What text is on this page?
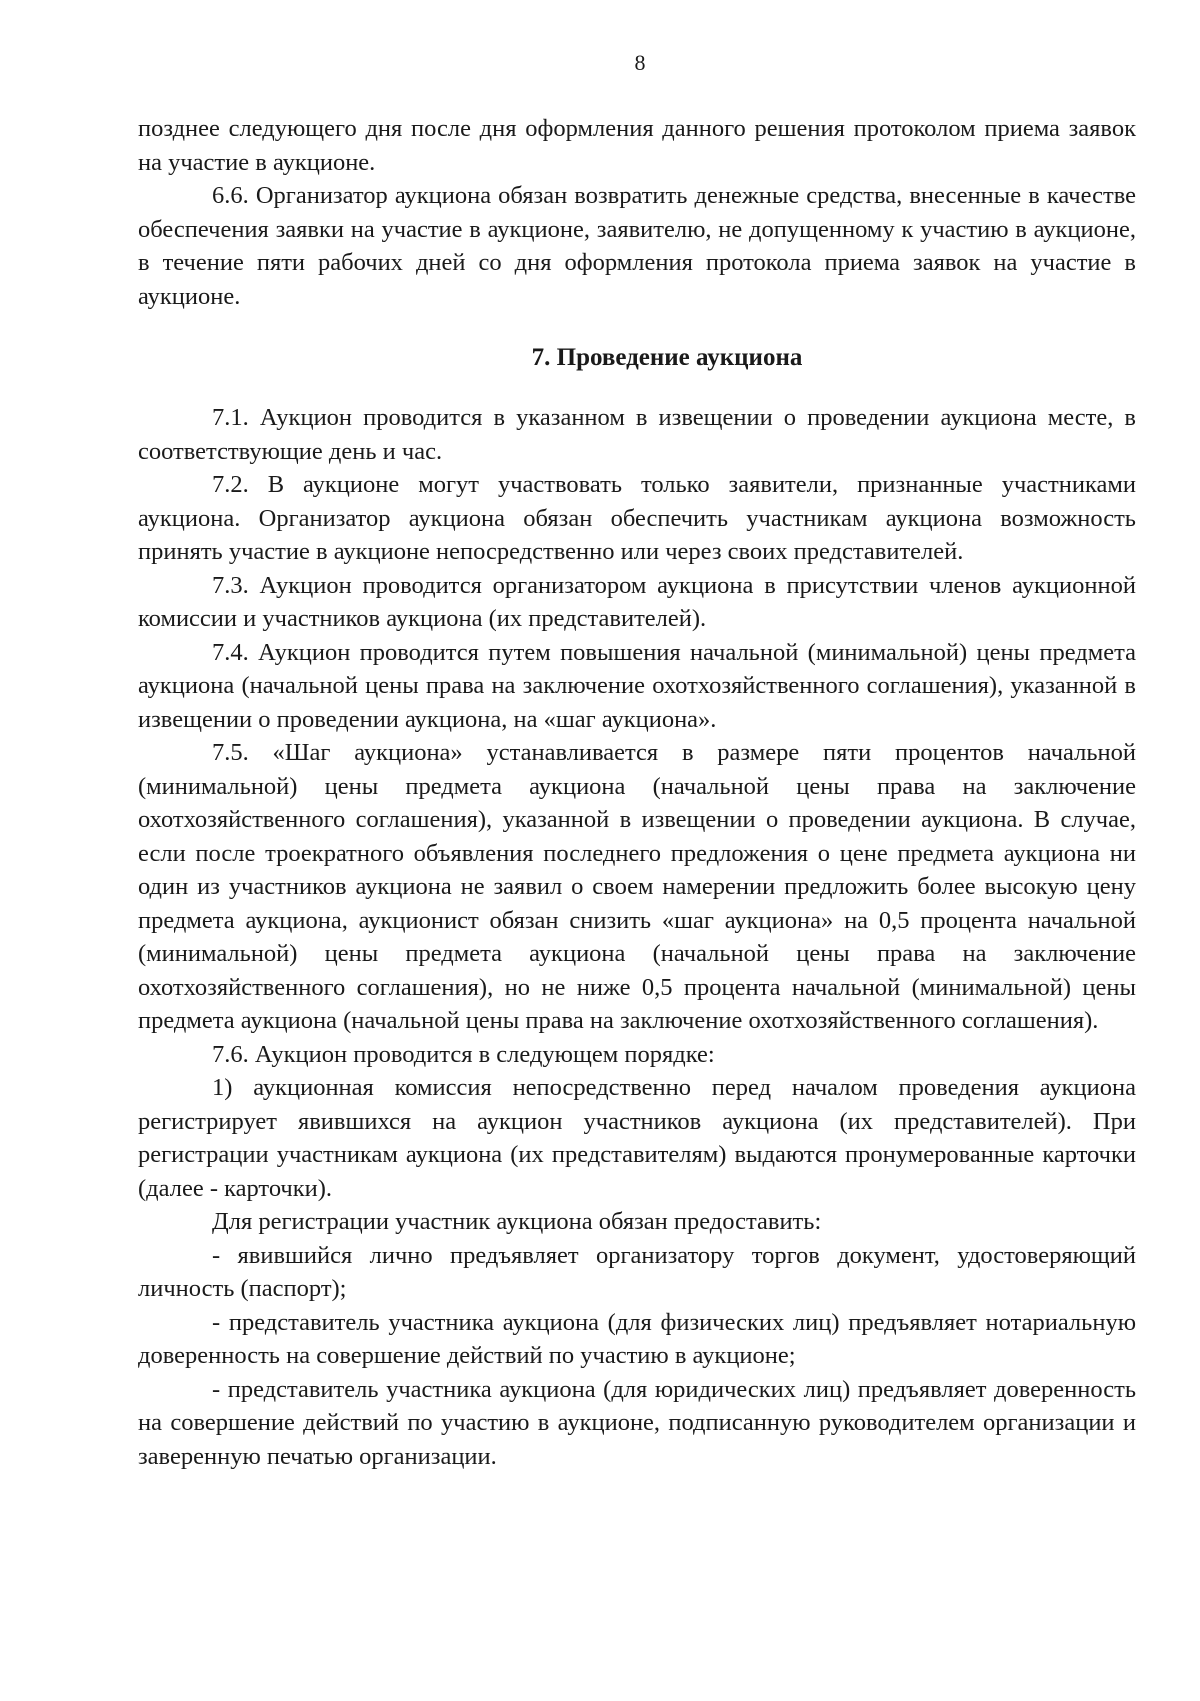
8

позднее следующего дня после дня оформления данного решения протоколом приема заявок на участие в аукционе.

6.6. Организатор аукциона обязан возвратить денежные средства, внесенные в качестве обеспечения заявки на участие в аукционе, заявителю, не допущенному к участию в аукционе, в течение пяти рабочих дней со дня оформления протокола приема заявок на участие в аукционе.

7. Проведение аукциона

7.1. Аукцион проводится в указанном в извещении о проведении аукциона месте, в соответствующие день и час.

7.2. В аукционе могут участвовать только заявители, признанные участниками аукциона. Организатор аукциона обязан обеспечить участникам аукциона возможность принять участие в аукционе непосредственно или через своих представителей.

7.3. Аукцион проводится организатором аукциона в присутствии членов аукционной комиссии и участников аукциона (их представителей).

7.4. Аукцион проводится путем повышения начальной (минимальной) цены предмета аукциона (начальной цены права на заключение охотхозяйственного соглашения), указанной в извещении о проведении аукциона, на «шаг аукциона».

7.5. «Шаг аукциона» устанавливается в размере пяти процентов начальной (минимальной) цены предмета аукциона (начальной цены права на заключение охотхозяйственного соглашения), указанной в извещении о проведении аукциона. В случае, если после троекратного объявления последнего предложения о цене предмета аукциона ни один из участников аукциона не заявил о своем намерении предложить более высокую цену предмета аукциона, аукционист обязан снизить «шаг аукциона» на 0,5 процента начальной (минимальной) цены предмета аукциона (начальной цены права на заключение охотхозяйственного соглашения), но не ниже 0,5 процента начальной (минимальной) цены предмета аукциона (начальной цены права на заключение охотхозяйственного соглашения).

7.6. Аукцион проводится в следующем порядке:

1) аукционная комиссия непосредственно перед началом проведения аукциона регистрирует явившихся на аукцион участников аукциона (их представителей). При регистрации участникам аукциона (их представителям) выдаются пронумерованные карточки (далее - карточки).

Для регистрации участник аукциона обязан предоставить:

- явившийся лично предъявляет организатору торгов документ, удостоверяющий личность (паспорт);

- представитель участника аукциона (для физических лиц) предъявляет нотариальную доверенность на совершение действий по участию в аукционе;

- представитель участника аукциона (для юридических лиц) предъявляет доверенность на совершение действий по участию в аукционе, подписанную руководителем организации и заверенную печатью организации.
